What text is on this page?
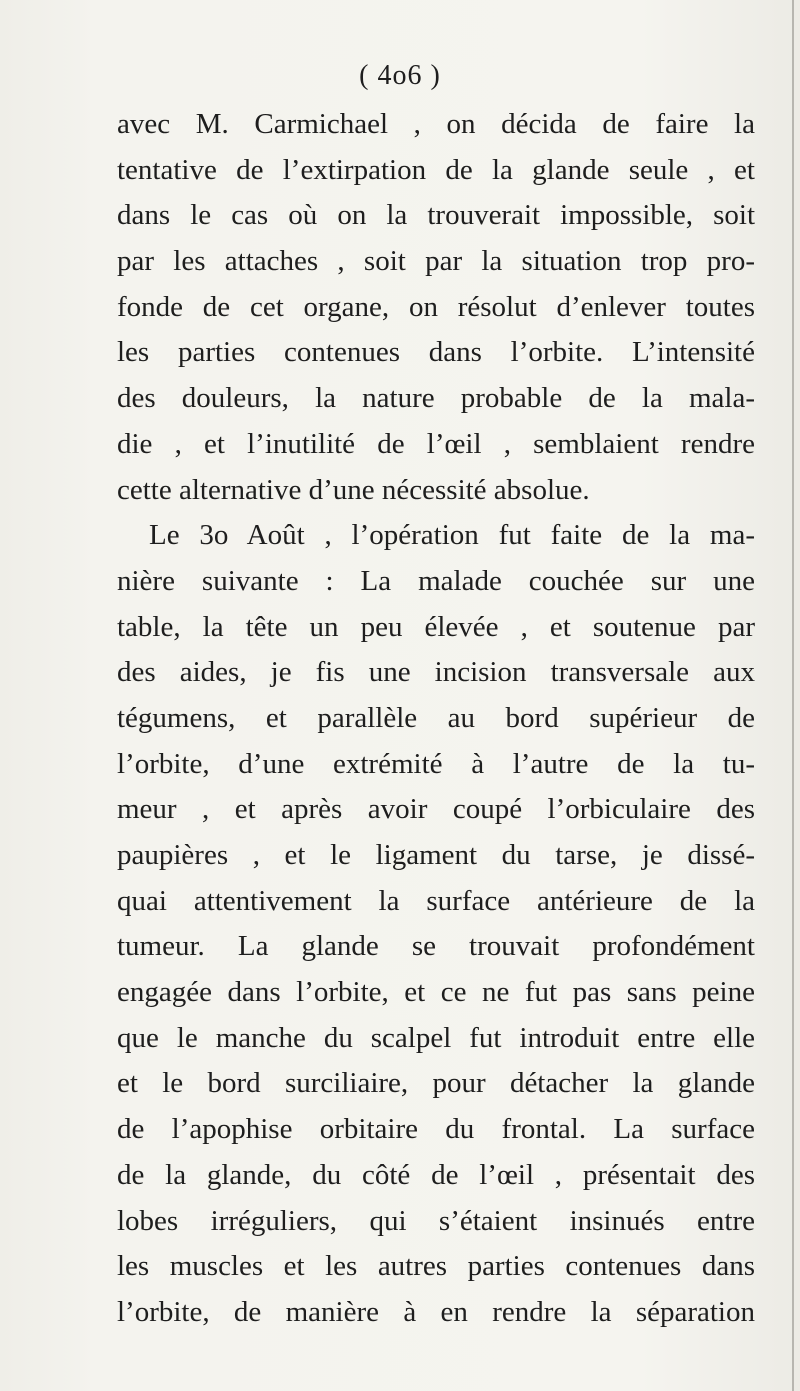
( 4o6 )
avec M. Carmichael , on décida de faire la
tentative de l’extirpation de la glande seule , et
dans le cas où on la trouverait impossible, soit
par les attaches , soit par la situation trop pro-
fonde de cet organe, on résolut d’enlever toutes
les parties contenues dans l’orbite. L’intensité
des douleurs, la nature probable de la mala-
die , et l’inutilité de l’œil , semblaient rendre
cette alternative d’une nécessité absolue.
Le 3o Août , l’opération fut faite de la ma-
nière suivante : La malade couchée sur une
table, la tête un peu élevée , et soutenue par
des aides, je fis une incision transversale aux
tégumens, et parallèle au bord supérieur de
l’orbite, d’une extrémité à l’autre de la tu-
meur , et après avoir coupé l’orbiculaire des
paupières , et le ligament du tarse, je dissé-
quai attentivement la surface antérieure de la
tumeur. La glande se trouvait profondément
engagée dans l’orbite, et ce ne fut pas sans peine
que le manche du scalpel fut introduit entre elle
et le bord surciliaire, pour détacher la glande
de l’apophise orbitaire du frontal. La surface
de la glande, du côté de l’œil , présentait des
lobes irréguliers, qui s’étaient insinués entre
les muscles et les autres parties contenues dans
l’orbite, de manière à en rendre la séparation
